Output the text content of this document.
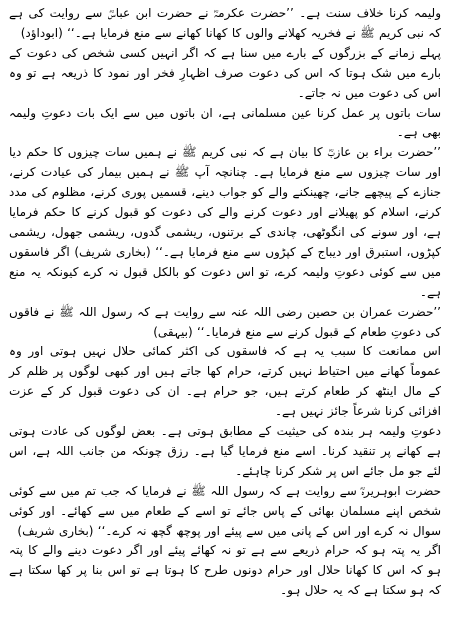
ولیمہ کرنا خلاف سنت ہے۔ ’’حضرت عکرمہؓ نے حضرت ابن عباسؓ سے روایت کی ہے کہ نبی کریم ﷺ نے فخریہ کھلانے والوں کا کھانا کھانے سے منع فرمایا ہے۔‘‘ (ابوداؤد)

پہلے زمانے کے بزرگوں کے بارے میں سنا ہے کہ اگر انہیں کسی شخص کی دعوت کے بارے میں شک ہوتا کہ اس کی دعوت صرف اظہارِ فخر اور نمود کا ذریعہ ہے تو وہ اس کی دعوت میں نہ جاتے۔

سات باتوں پر عمل کرنا عین مسلمانی ہے، ان باتوں میں سے ایک بات دعوتِ ولیمہ بھی ہے۔

’’حضرت براء بن عازبؓ کا بیان ہے کہ نبی کریم ﷺ نے ہمیں سات چیزوں کا حکم دیا اور سات چیزوں سے منع فرمایا ہے۔ چنانچہ آپ ﷺ نے ہمیں بیمار کی عیادت کرنے، جنازے کے پیچھے جانے، چھینکنے والے کو جواب دینے، قسمیں پوری کرنے، مظلوم کی مدد کرنے، اسلام کو پھیلانے اور دعوت کرنے والے کی دعوت کو قبول کرنے کا حکم فرمایا ہے، اور سونے کی انگوٹھی، چاندی کے برتنوں، ریشمی گدوں، ریشمی جھول، ریشمی کپڑوں، استبرق اور دیباج کے کپڑوں سے منع فرمایا ہے۔‘‘ (بخاری شریف) اگر فاسقوں میں سے کوئی دعوتِ ولیمہ کرے، تو اس دعوت کو بالکل قبول نہ کرے کیونکہ یہ منع ہے۔

’’حضرت عمران بن حصین رضی اللہ عنہ سے روایت ہے کہ رسول اللہ ﷺ نے فاقوں کی دعوتِ طعام کے قبول کرنے سے منع فرمایا۔‘‘ (بیہقی)

اس ممانعت کا سبب یہ ہے کہ فاسقوں کی اکثر کمائی حلال نہیں ہوتی اور وہ عموماً کھانے میں احتیاط نہیں کرتے، حرام کھا جاتے ہیں اور کبھی لوگوں پر ظلم کر کے مال اینٹھ کر طعام کرتے ہیں، جو حرام ہے۔ ان کی دعوت قبول کر کے عزت افزائی کرنا شرعاً جائز نہیں ہے۔

دعوتِ ولیمہ ہر بندہ کی حیثیت کے مطابق ہوتی ہے۔ بعض لوگوں کی عادت ہوتی ہے کھانے پر تنقید کرنا۔ اسے منع فرمایا گیا ہے۔ رزق چونکہ من جانب اللہ ہے، اس لئے جو مل جائے اس پر شکر کرنا چاہئے۔

حضرت ابوہریرہؓ سے روایت ہے کہ رسول اللہ ﷺ نے فرمایا کہ جب تم میں سے کوئی شخص اپنے مسلمان بھائی کے پاس جائے تو اسے کے طعام میں سے کھائے۔ اور کوئی سوال نہ کرے اور اس کے پانی میں سے پیئے اور پوچھ گچھ نہ کرے۔‘‘ (بخاری شریف)

اگر یہ پتہ ہو کہ حرام ذریعے سے ہے تو نہ کھائے پیئے اور اگر دعوت دینے والے کا پتہ ہو کہ اس کا کھانا حلال اور حرام دونوں طرح کا ہوتا ہے تو اس بنا پر کھا سکتا ہے کہ ہو سکتا ہے کہ یہ حلال ہو۔
